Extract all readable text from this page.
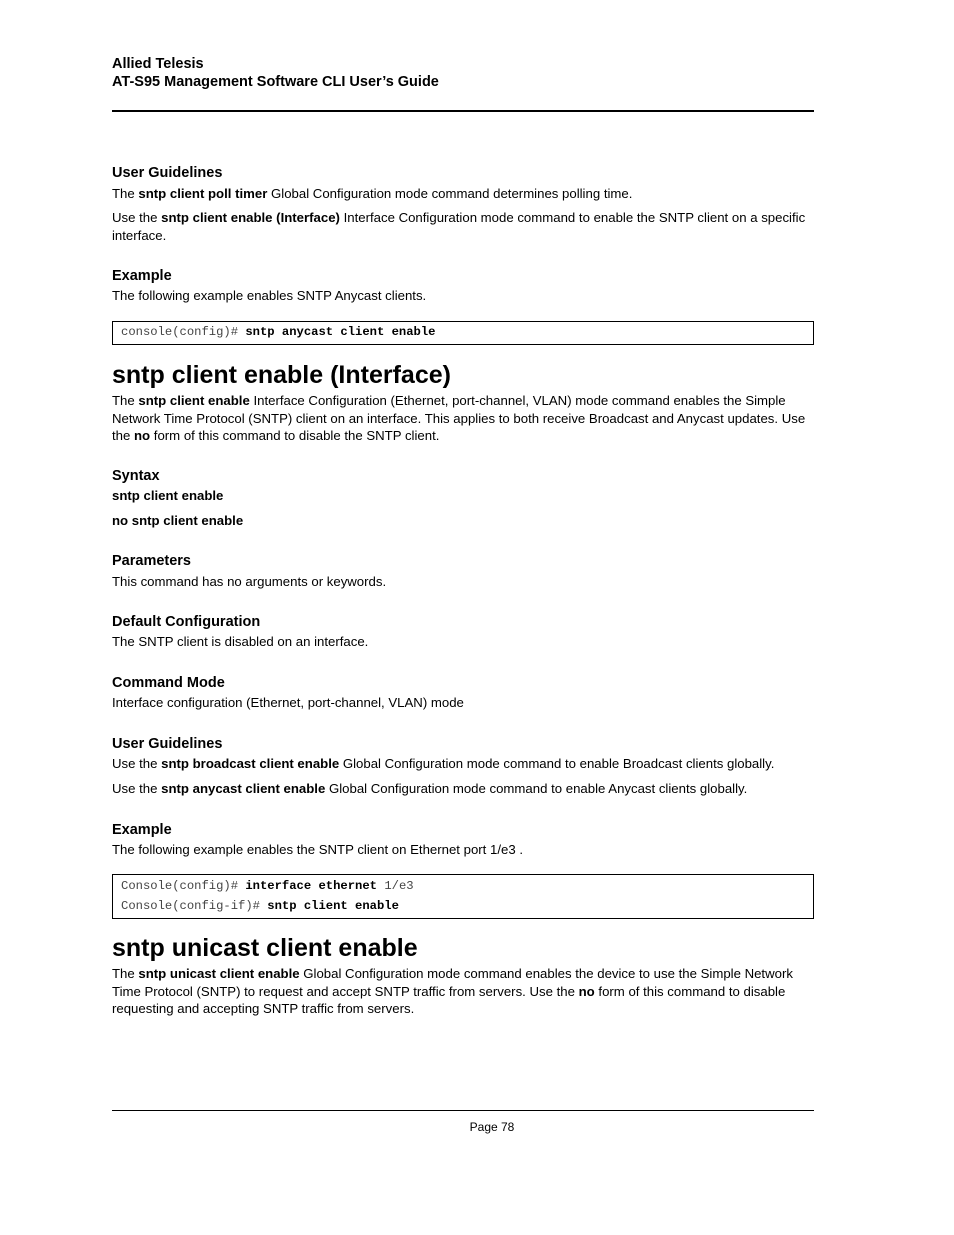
Allied Telesis
AT-S95 Management Software CLI User’s Guide
User Guidelines
The sntp client poll timer Global Configuration mode command determines polling time.
Use the sntp client enable (Interface) Interface Configuration mode command to enable the SNTP client on a specific interface.
Example
The following example enables SNTP Anycast clients.
console(config)# sntp anycast client enable
sntp client enable (Interface)
The sntp client enable Interface Configuration (Ethernet, port-channel, VLAN) mode command enables the Simple Network Time Protocol (SNTP) client on an interface. This applies to both receive Broadcast and Anycast updates. Use the no form of this command to disable the SNTP client.
Syntax
sntp client enable
no sntp client enable
Parameters
This command has no arguments or keywords.
Default Configuration
The SNTP client is disabled on an interface.
Command Mode
Interface configuration (Ethernet, port-channel, VLAN) mode
User Guidelines
Use the sntp broadcast client enable Global Configuration mode command to enable Broadcast clients globally.
Use the sntp anycast client enable Global Configuration mode command to enable Anycast clients globally.
Example
The following example enables the SNTP client on Ethernet port 1/e3 .
Console(config)# interface ethernet 1/e3
Console(config-if)# sntp client enable
sntp unicast client enable
The sntp unicast client enable Global Configuration mode command enables the device to use the Simple Network Time Protocol (SNTP) to request and accept SNTP traffic from servers. Use the no form of this command to disable requesting and accepting SNTP traffic from servers.
Page 78
